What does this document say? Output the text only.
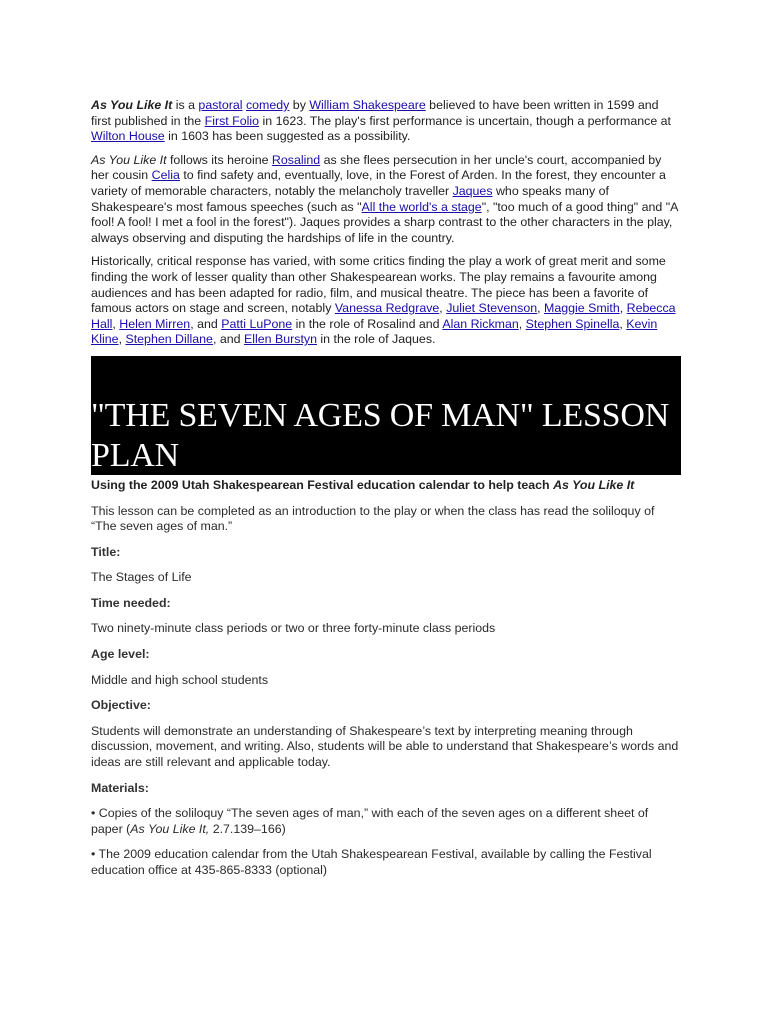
As You Like It is a pastoral comedy by William Shakespeare believed to have been written in 1599 and first published in the First Folio in 1623. The play's first performance is uncertain, though a performance at Wilton House in 1603 has been suggested as a possibility.

As You Like It follows its heroine Rosalind as she flees persecution in her uncle's court, accompanied by her cousin Celia to find safety and, eventually, love, in the Forest of Arden. In the forest, they encounter a variety of memorable characters, notably the melancholy traveller Jaques who speaks many of Shakespeare's most famous speeches (such as "All the world's a stage", "too much of a good thing" and "A fool! A fool! I met a fool in the forest"). Jaques provides a sharp contrast to the other characters in the play, always observing and disputing the hardships of life in the country.

Historically, critical response has varied, with some critics finding the play a work of great merit and some finding the work of lesser quality than other Shakespearean works. The play remains a favourite among audiences and has been adapted for radio, film, and musical theatre. The piece has been a favorite of famous actors on stage and screen, notably Vanessa Redgrave, Juliet Stevenson, Maggie Smith, Rebecca Hall, Helen Mirren, and Patti LuPone in the role of Rosalind and Alan Rickman, Stephen Spinella, Kevin Kline, Stephen Dillane, and Ellen Burstyn in the role of Jaques.

"THE SEVEN AGES OF MAN" LESSON PLAN

Using the 2009 Utah Shakespearean Festival education calendar to help teach As You Like It

This lesson can be completed as an introduction to the play or when the class has read the soliloquy of “The seven ages of man.”

Title:

The Stages of Life

Time needed:

Two ninety-minute class periods or two or three forty-minute class periods

Age level:

Middle and high school students

Objective:

Students will demonstrate an understanding of Shakespeare’s text by interpreting meaning through discussion, movement, and writing. Also, students will be able to understand that Shakespeare’s words and ideas are still relevant and applicable today.

Materials:

• Copies of the soliloquy “The seven ages of man,” with each of the seven ages on a different sheet of paper (As You Like It, 2.7.139–166)

• The 2009 education calendar from the Utah Shakespearean Festival, available by calling the Festival education office at 435-865-8333 (optional)
